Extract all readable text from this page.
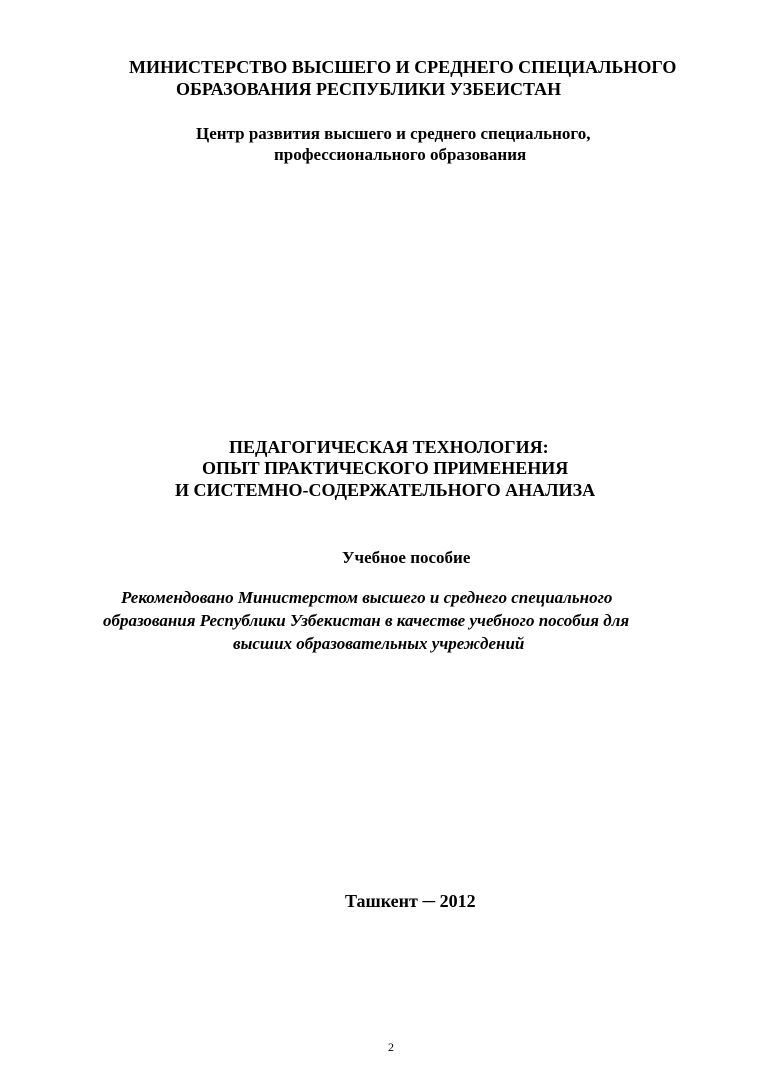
МИНИСТЕРСТВО ВЫСШЕГО И СРЕДНЕГО СПЕЦИАЛЬНОГО
ОБРАЗОВАНИЯ РЕСПУБЛИКИ УЗБЕИСТАН
Центр развития высшего и среднего специального,
профессионального образования
ПЕДАГОГИЧЕСКАЯ ТЕХНОЛОГИЯ:
ОПЫТ ПРАКТИЧЕСКОГО ПРИМЕНЕНИЯ
И СИСТЕМНО-СОДЕРЖАТЕЛЬНОГО АНАЛИЗА
Учебное пособие
Рекомендовано Министерстом высшего и среднего специального
образования Республики Узбекистан в качестве учебного пособия для
высших образовательных учреждений
Ташкент ─ 2012
2
